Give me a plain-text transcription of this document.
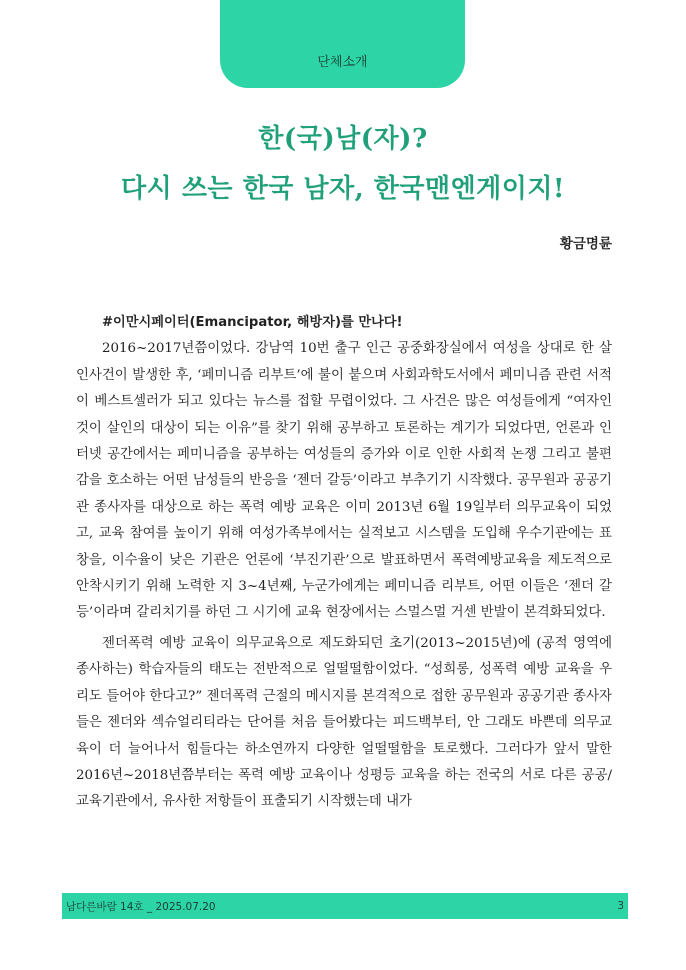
단체소개
한(국)남(자)?
다시 쓰는 한국 남자, 한국맨엔게이지!
황금명륜
#이만시페이터(Emancipator, 해방자)를 만나다!

2016~2017년쯤이었다. 강남역 10번 출구 인근 공중화장실에서 여성을 상대로 한 살인사건이 발생한 후, ‘페미니즘 리부트’에 불이 붙으며 사회과학도서에서 페미니즘 관련 서적이 베스트셀러가 되고 있다는 뉴스를 접할 무렵이었다. 그 사건은 많은 여성들에게 “여자인 것이 살인의 대상이 되는 이유”를 찾기 위해 공부하고 토론하는 계기가 되었다면, 언론과 인터넷 공간에서는 페미니즘을 공부하는 여성들의 증가와 이로 인한 사회적 논쟁 그리고 불편감을 호소하는 어떤 남성들의 반응을 ‘젠더 갈등’이라고 부추기기 시작했다. 공무원과 공공기관 종사자를 대상으로 하는 폭력 예방 교육은 이미 2013년 6월 19일부터 의무교육이 되었고, 교육 참여를 높이기 위해 여성가족부에서는 실적보고 시스템을 도입해 우수기관에는 표창을, 이수율이 낮은 기관은 언론에 ‘부진기관’으로 발표하면서 폭력예방교육을 제도적으로 안착시키기 위해 노력한 지 3~4년째, 누군가에게는 페미니즘 리부트, 어떤 이들은 ‘젠더 갈등’이라며 갈리치기를 하던 그 시기에 교육 현장에서는 스멀스멀 거센 반발이 본격화되었다.

젠더폭력 예방 교육이 의무교육으로 제도화되던 초기(2013~2015년)에 (공적 영역에 종사하는) 학습자들의 태도는 전반적으로 얼떨떨함이었다. “성희롱, 성폭력 예방 교육을 우리도 들어야 한다고?” 젠더폭력 근절의 메시지를 본격적으로 접한 공무원과 공공기관 종사자들은 젠더와 섹슈얼리티라는 단어를 처음 들어봤다는 피드백부터, 안 그래도 바쁜데 의무교육이 더 늘어나서 힘들다는 하소연까지 다양한 얼떨떨함을 토로했다. 그러다가 앞서 말한 2016년~2018년쯤부터는 폭력 예방 교육이나 성평등 교육을 하는 전국의 서로 다른 공공/교육기관에서, 유사한 저항들이 표출되기 시작했는데 내가

남다른바람 14호 _ 2025.07.20	3
